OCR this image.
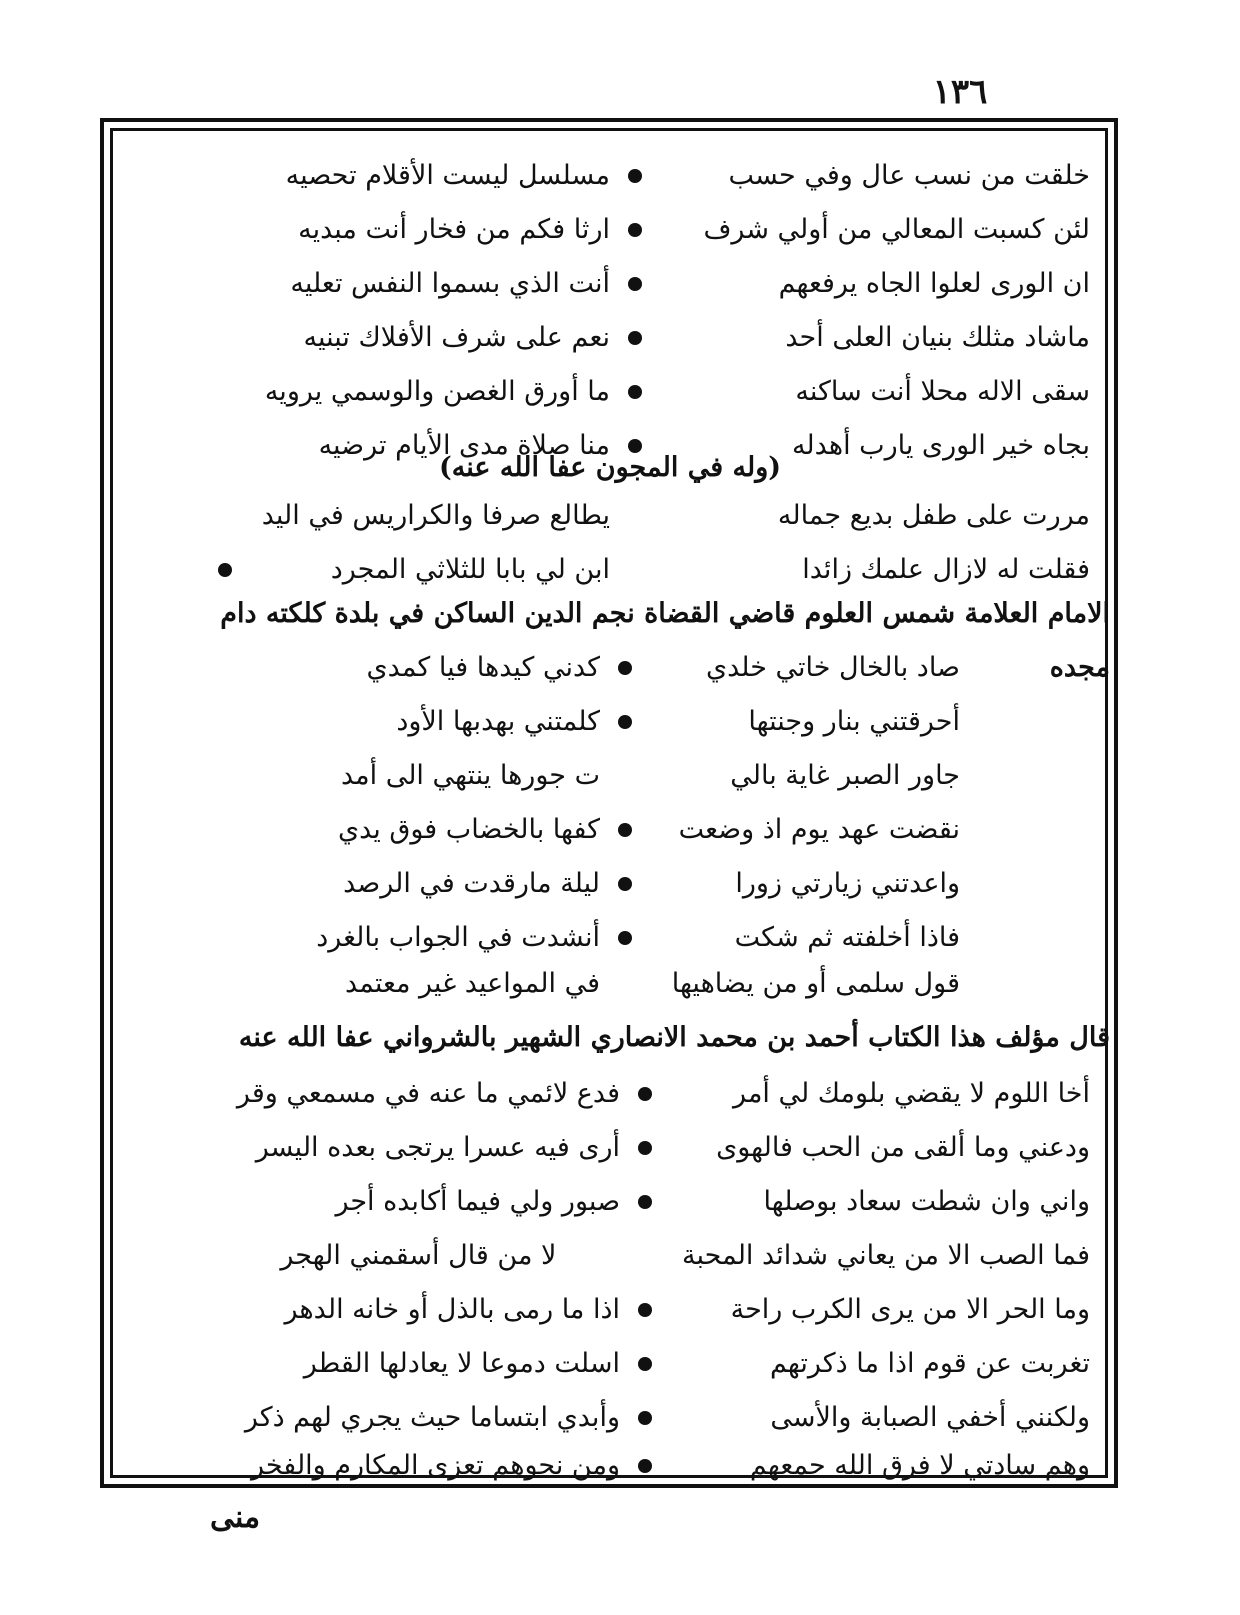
١٣٦
خلقت من نسب عال وفي حسب
مسلسل ليست الأقلام تحصيه
لئن كسبت المعالي من أولي شرف
ارثا فكم من فخار أنت مبديه
ان الورى لعلوا الجاه يرفعهم
أنت الذي بسموا النفس تعليه
ماشاد مثلك بنيان العلى أحد
نعم على شرف الأفلاك تبنيه
سقى الاله محلا أنت ساكنه
ما أورق الغصن والوسمي يرويه
بجاه خير الورى يارب أهدله
منا صلاة مدى الأيام ترضيه
(وله في المجون عفا الله عنه)
مررت على طفل بديع جماله
يطالع صرفا والكراريس في اليد
فقلت له لازال علمك زائدا
ابن لي بابا للثلاثي المجرد
الامام العلامة شمس العلوم قاضي القضاة نجم الدين الساكن في بلدة كلكته دام
مجده
صاد بالخال خاتي خلدي
كدني كيدها فيا كمدي
أحرقتني بنار وجنتها
كلمتني بهدبها الأود
جاور الصبر غاية بالي
ت جورها ينتهي الى أمد
نقضت عهد يوم اذ وضعت
كفها بالخضاب فوق يدي
واعدتني زيارتي زورا
ليلة مارقدت في الرصد
فاذا أخلفته ثم شكت
أنشدت في الجواب بالغرد
قول سلمى أو من يضاهيها
في المواعيد غير معتمد
قال مؤلف هذا الكتاب أحمد بن محمد الانصاري الشهير بالشرواني عفا الله عنه
أخا اللوم لا يقضي بلومك لي أمر
فدع لائمي ما عنه في مسمعي وقر
ودعني وما ألقى من الحب فالهوى
أرى فيه عسرا يرتجى بعده اليسر
واني وان شطت سعاد بوصلها
صبور ولي فيما أكابده أجر
فما الصب الا من يعاني شدائد المحبة
لا من قال أسقمني الهجر
وما الحر الا من يرى الكرب راحة
اذا ما رمى بالذل أو خانه الدهر
تغربت عن قوم اذا ما ذكرتهم
اسلت دموعا لا يعادلها القطر
ولكنني أخفي الصبابة والأسى
وأبدي ابتساما حيث يجري لهم ذكر
وهم سادتي لا فرق الله جمعهم
ومن نحوهم تعزى المكارم والفخر
منى
